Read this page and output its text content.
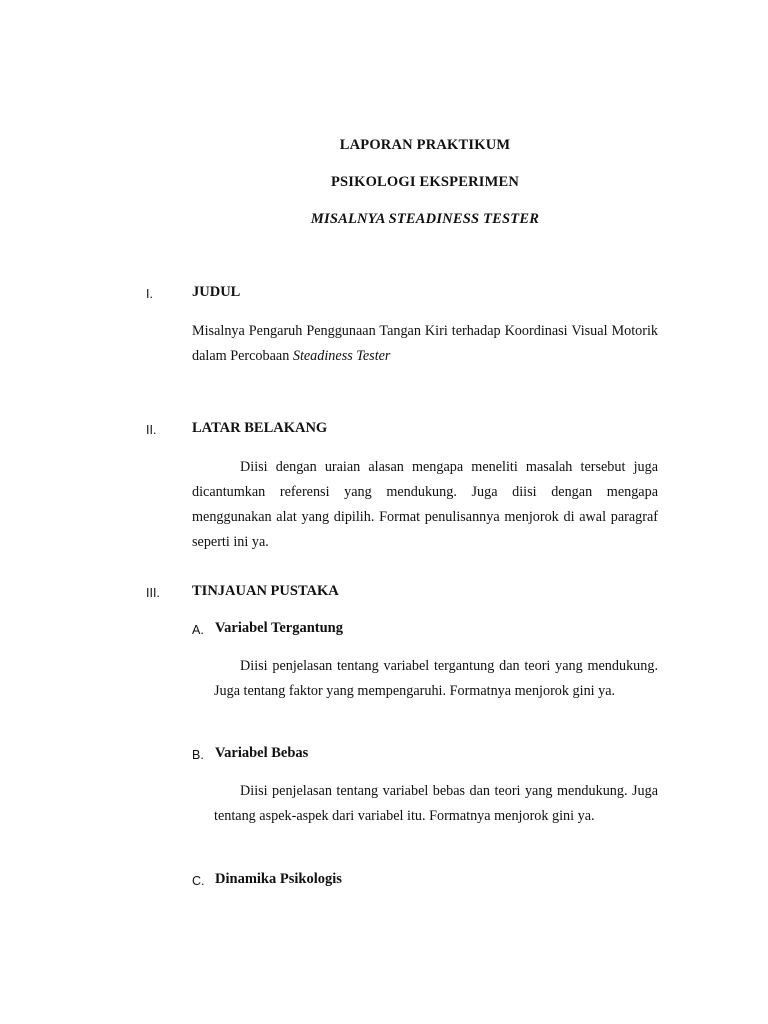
LAPORAN PRAKTIKUM
PSIKOLOGI EKSPERIMEN
MISALNYA STEADINESS TESTER
I.	JUDUL
Misalnya Pengaruh Penggunaan Tangan Kiri terhadap Koordinasi Visual Motorik dalam Percobaan Steadiness Tester
II. LATAR BELAKANG
Diisi dengan uraian alasan mengapa meneliti masalah tersebut juga dicantumkan referensi yang mendukung. Juga diisi dengan mengapa menggunakan alat yang dipilih. Format penulisannya menjorok di awal paragraf seperti ini ya.
III. TINJAUAN PUSTAKA
A. Variabel Tergantung
Diisi penjelasan tentang variabel tergantung dan teori yang mendukung. Juga tentang faktor yang mempengaruhi. Formatnya menjorok gini ya.
B. Variabel Bebas
Diisi penjelasan tentang variabel bebas dan teori yang mendukung. Juga tentang aspek-aspek dari variabel itu. Formatnya menjorok gini ya.
C. Dinamika Psikologis
